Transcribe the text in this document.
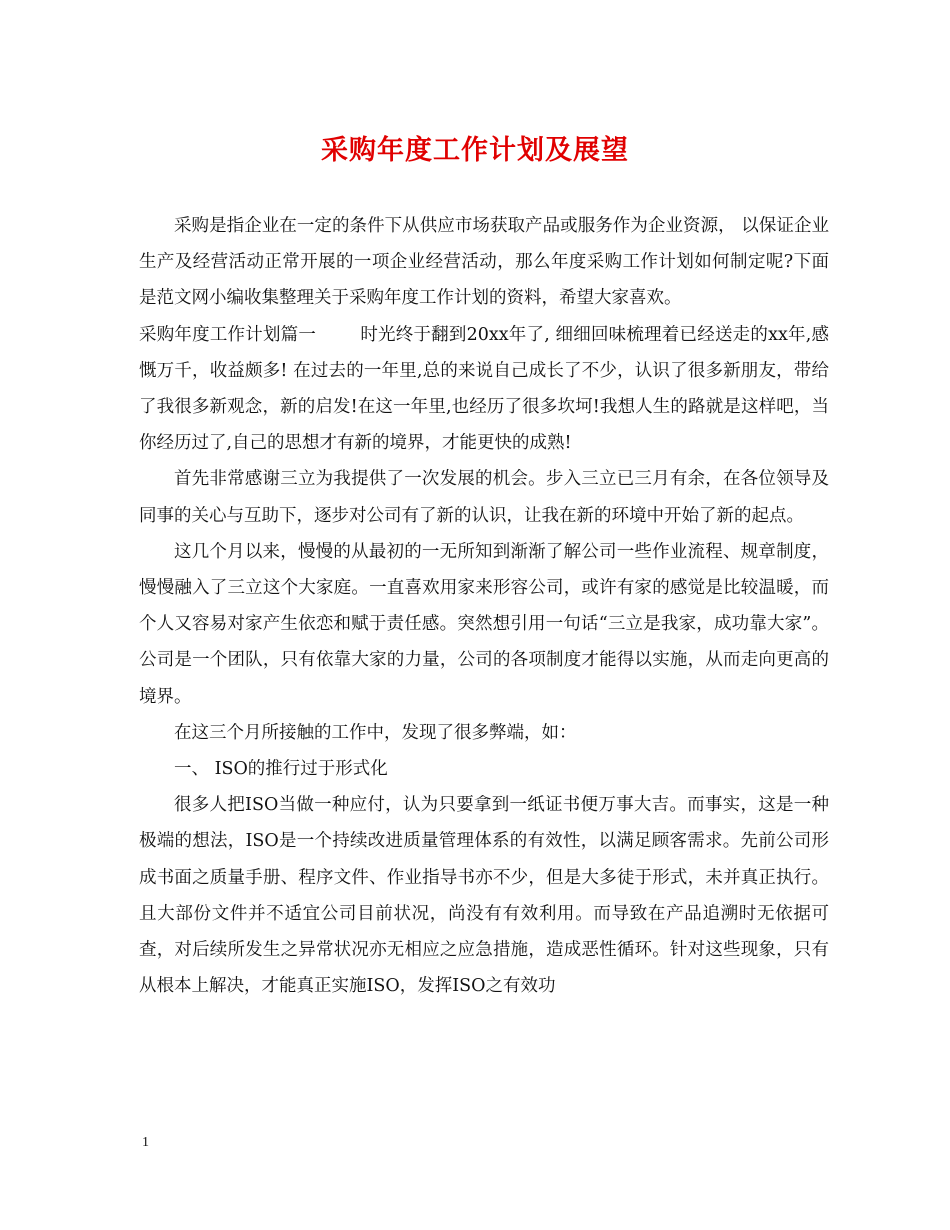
采购年度工作计划及展望

采购是指企业在一定的条件下从供应市场获取产品或服务作为企业资源， 以保证企业生产及经营活动正常开展的一项企业经营活动，那么年度采购工作计划如何制定呢?下面是范文网小编收集整理关于采购年度工作计划的资料，希望大家喜欢。

采购年度工作计划篇一	时光终于翻到20xx年了, 细细回味梳理着已经送走的xx年,感慨万千，收益颇多! 在过去的一年里,总的来说自己成长了不少，认识了很多新朋友，带给了我很多新观念，新的启发!在这一年里,也经历了很多坎坷!我想人生的路就是这样吧，当你经历过了,自己的思想才有新的境界，才能更快的成熟!

首先非常感谢三立为我提供了一次发展的机会。步入三立已三月有余，在各位领导及同事的关心与互助下，逐步对公司有了新的认识，让我在新的环境中开始了新的起点。

这几个月以来，慢慢的从最初的一无所知到渐渐了解公司一些作业流程、规章制度，慢慢融入了三立这个大家庭。一直喜欢用家来形容公司，或许有家的感觉是比较温暖，而个人又容易对家产生依恋和赋于责任感。突然想引用一句话“三立是我家，成功靠大家”。公司是一个团队，只有依靠大家的力量，公司的各项制度才能得以实施，从而走向更高的境界。

在这三个月所接触的工作中，发现了很多弊端，如：

一、 ISO的推行过于形式化

很多人把ISO当做一种应付，认为只要拿到一纸证书便万事大吉。而事实，这是一种极端的想法，ISO是一个持续改进质量管理体系的有效性，以满足顾客需求。先前公司形成书面之质量手册、程序文件、作业指导书亦不少，但是大多徒于形式，未并真正执行。且大部份文件并不适宜公司目前状况，尚没有有效利用。而导致在产品追溯时无依据可查，对后续所发生之异常状况亦无相应之应急措施，造成恶性循环。针对这些现象，只有从根本上解决，才能真正实施ISO，发挥ISO之有效功

1
